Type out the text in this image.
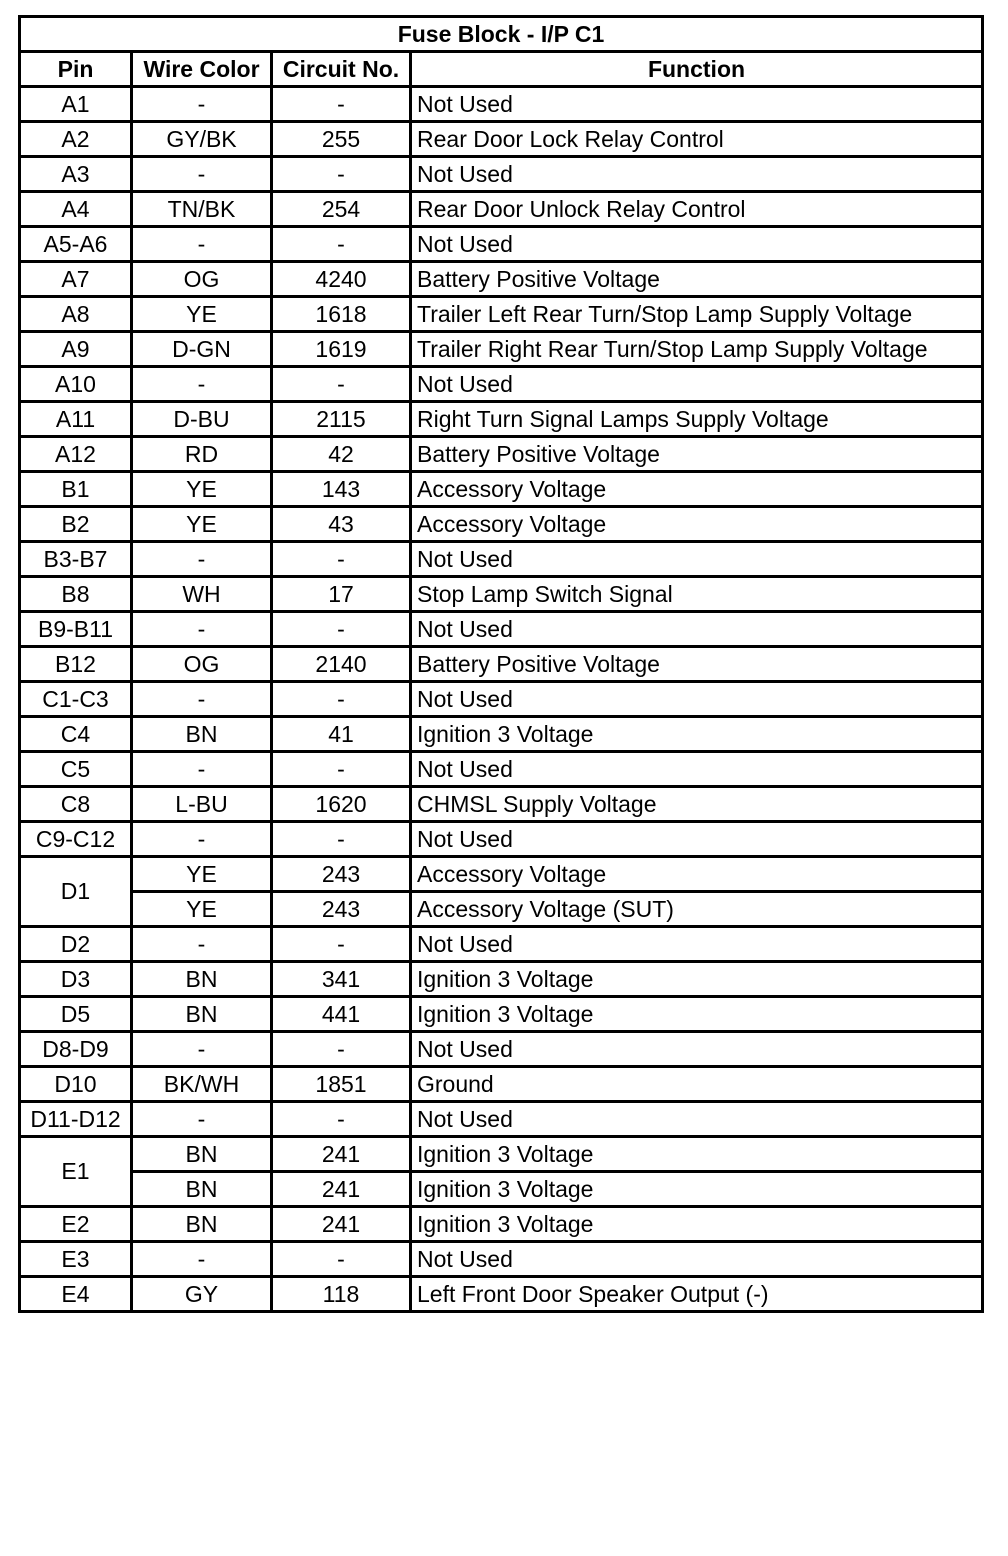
Fuse Block - I/P C1			
Pin	Wire Color	Circuit No.	Function
A1	-	-	Not Used
A2	GY/BK	255	Rear Door Lock Relay Control
A3	-	-	Not Used
A4	TN/BK	254	Rear Door Unlock Relay Control
A5-A6	-	-	Not Used
A7	OG	4240	Battery Positive Voltage
A8	YE	1618	Trailer Left Rear Turn/Stop Lamp Supply Voltage
A9	D-GN	1619	Trailer Right Rear Turn/Stop Lamp Supply Voltage
A10	-	-	Not Used
A11	D-BU	2115	Right Turn Signal Lamps Supply Voltage
A12	RD	42	Battery Positive Voltage
B1	YE	143	Accessory Voltage
B2	YE	43	Accessory Voltage
B3-B7	-	-	Not Used
B8	WH	17	Stop Lamp Switch Signal
B9-B11	-	-	Not Used
B12	OG	2140	Battery Positive Voltage
C1-C3	-	-	Not Used
C4	BN	41	Ignition 3 Voltage
C5	-	-	Not Used
C8	L-BU	1620	CHMSL Supply Voltage
C9-C12	-	-	Not Used
D1	YE	243	Accessory Voltage
	YE	243	Accessory Voltage (SUT)
D2	-	-	Not Used
D3	BN	341	Ignition 3 Voltage
D5	BN	441	Ignition 3 Voltage
D8-D9	-	-	Not Used
D10	BK/WH	1851	Ground
D11-D12	-	-	Not Used
E1	BN	241	Ignition 3 Voltage
	BN	241	Ignition 3 Voltage
E2	BN	241	Ignition 3 Voltage
E3	-	-	Not Used
E4	GY	118	Left Front Door Speaker Output (-)
